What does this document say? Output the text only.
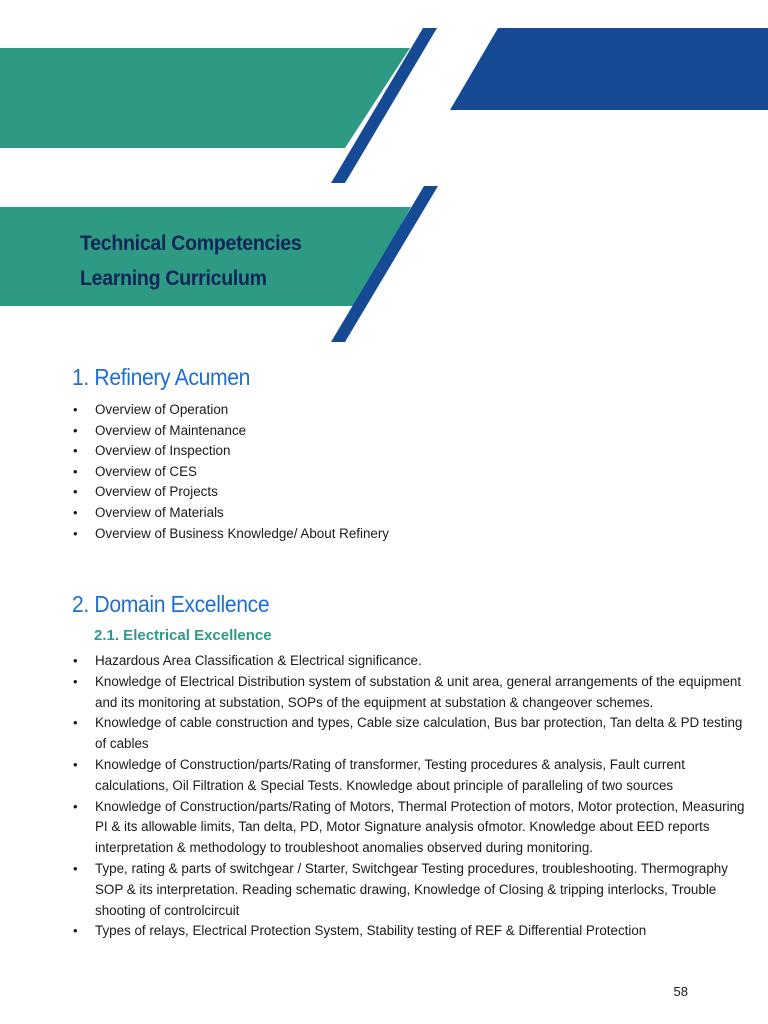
Technical Competencies
Learning Curriculum
1. Refinery Acumen
• Overview of Operation
• Overview of Maintenance
• Overview of Inspection
• Overview of CES
• Overview of Projects
• Overview of Materials
• Overview of Business Knowledge/ About Refinery
2. Domain Excellence
2.1. Electrical Excellence
• Hazardous Area Classification & Electrical significance.
• Knowledge of Electrical Distribution system of substation & unit area, general arrangements of the equipment and its monitoring at substation, SOPs of the equipment at substation & changeover schemes.
• Knowledge of cable construction and types, Cable size calculation, Bus bar protection, Tan delta & PD testing of cables
• Knowledge of Construction/parts/Rating of transformer, Testing procedures & analysis, Fault current calculations, Oil Filtration & Special Tests. Knowledge about principle of paralleling of two sources
• Knowledge of Construction/parts/Rating of Motors, Thermal Protection of motors, Motor protection, Measuring PI & its allowable limits, Tan delta, PD, Motor Signature analysis ofmotor. Knowledge about EED reports interpretation & methodology to troubleshoot anomalies observed during monitoring.
• Type, rating & parts of switchgear / Starter, Switchgear Testing procedures, troubleshooting. Thermography SOP & its interpretation. Reading schematic drawing, Knowledge of Closing & tripping interlocks, Trouble shooting of controlcircuit
• Types of relays, Electrical Protection System, Stability testing of REF & Differential Protection
58
